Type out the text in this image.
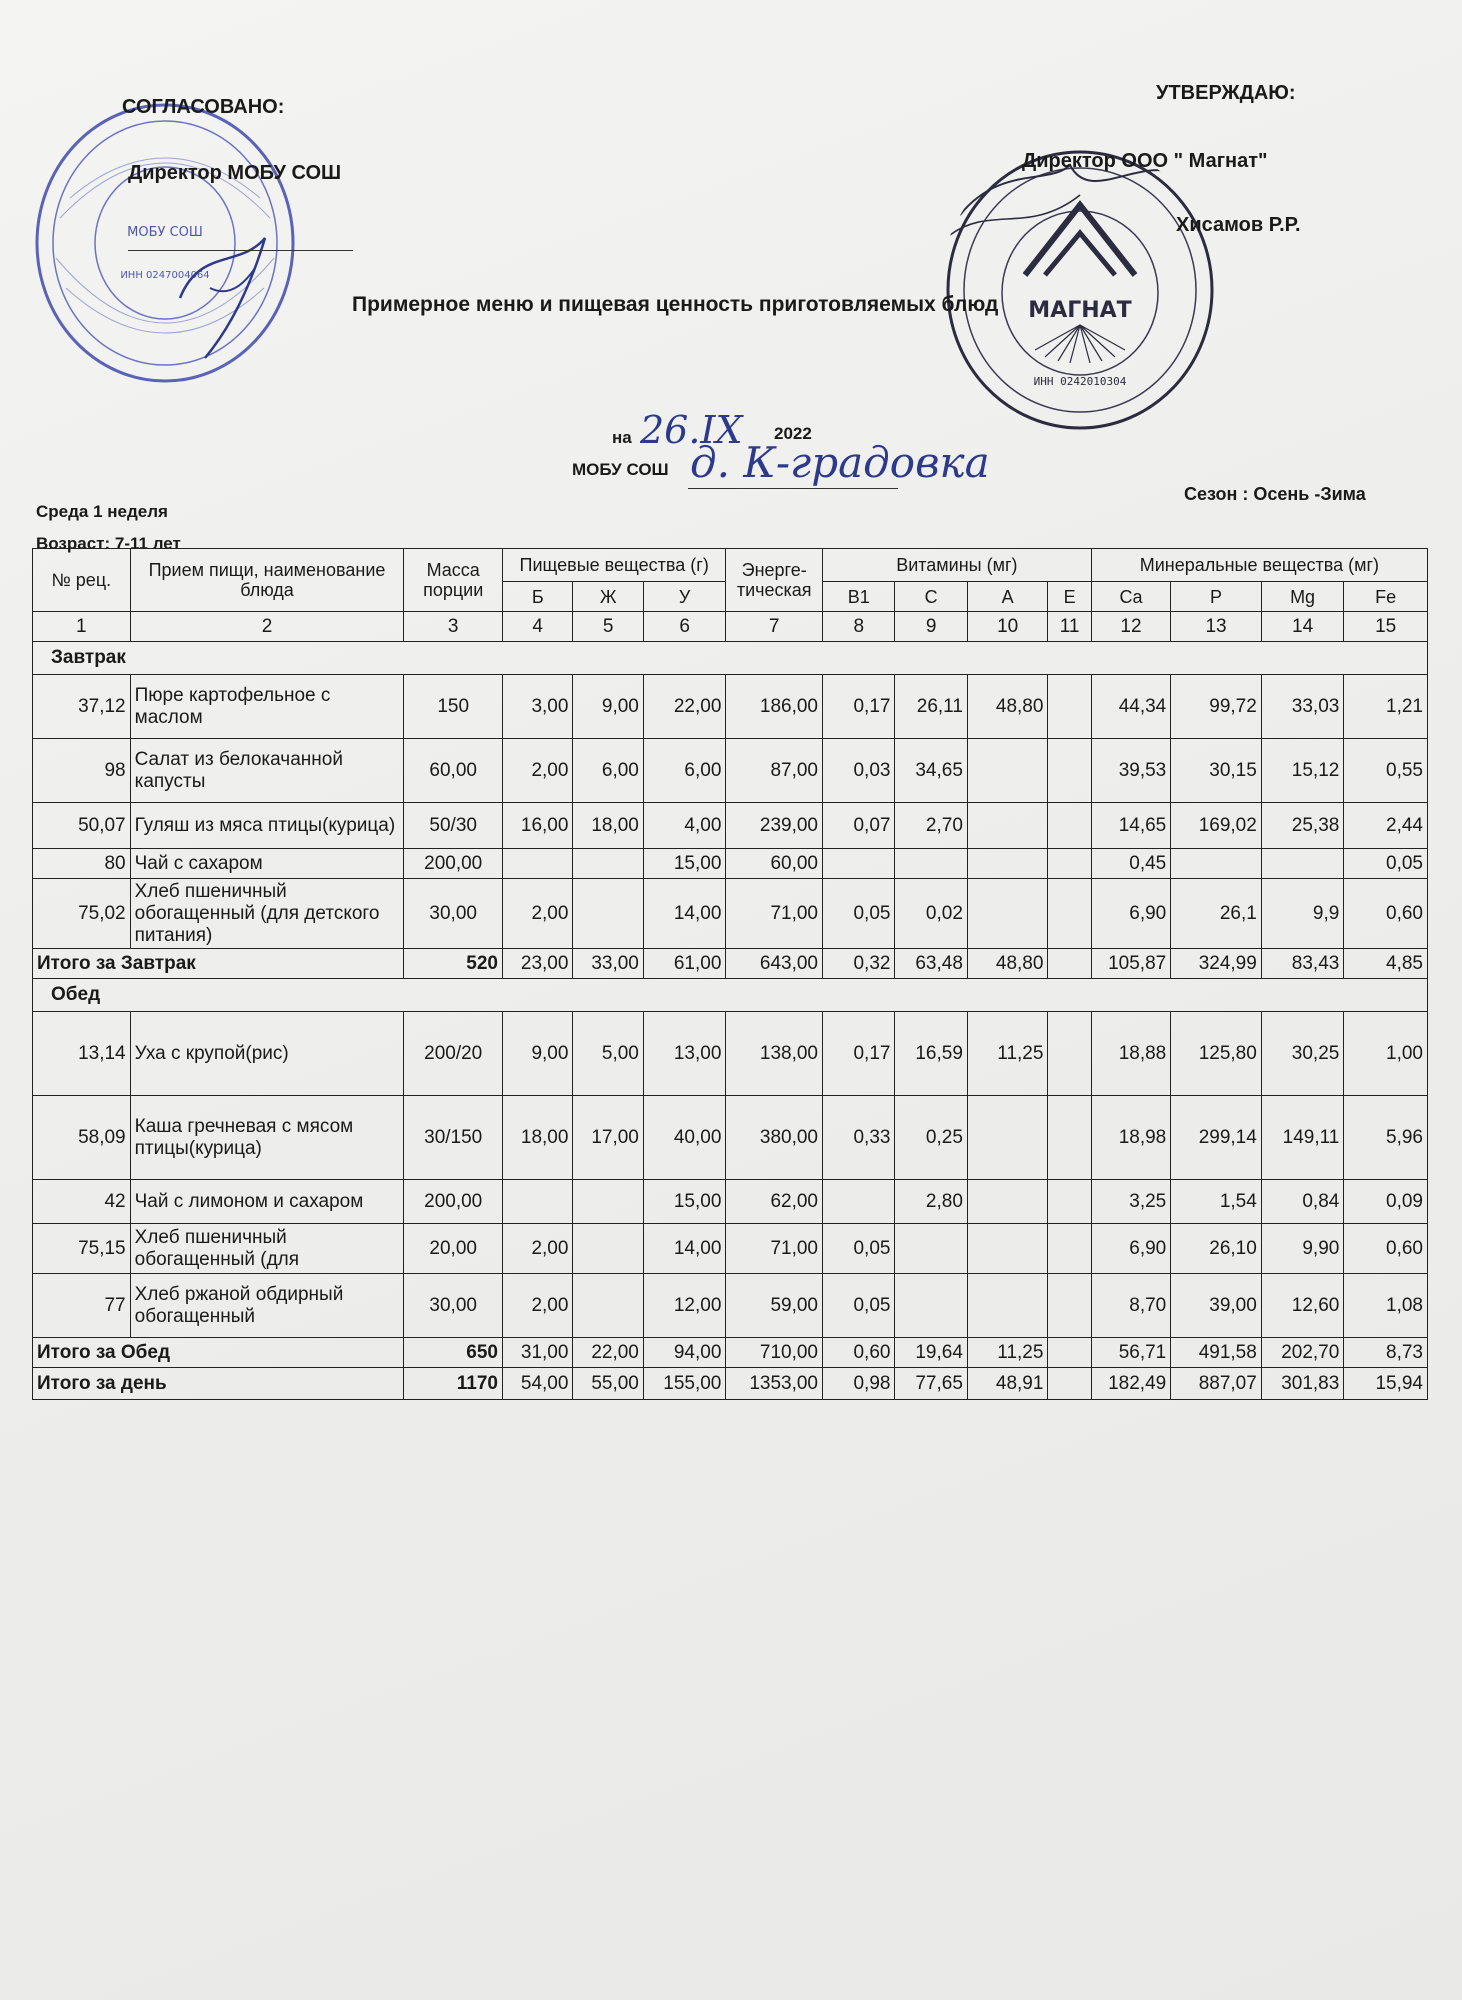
МОБУ СОШ
ИНН 0247004064
МАГНАТ
ИНН 0242010304
СОГЛАСОВАНО:
Директор МОБУ СОШ
УТВЕРЖДАЮ:
Директор ООО " Магнат"
Хисамов Р.Р.
Примерное меню и пищевая ценность приготовляемых блюд
на 26.IX 2022
МОБУ СОШ д. К-градовка
Среда 1 неделя
Сезон : Осень -Зима
Возраст: 7-11 лет
№ рец.	Прием пищи, наименование блюда	Масса порции	Пищевые вещества (г)			Энерге-тическая	Витамины (мг)				Минеральные вещества (мг)			
			Б	Ж	У		В1	С	А	Е	Ca	P	Mg	Fe
1	2	3	4	5	6	7	8	9	10	11	12	13	14	15
Завтрак														
37,12	Пюре картофельное с маслом	150	3,00	9,00	22,00	186,00	0,17	26,11	48,80		44,34	99,72	33,03	1,21
98	Салат из белокачанной капусты	60,00	2,00	6,00	6,00	87,00	0,03	34,65			39,53	30,15	15,12	0,55
50,07	Гуляш из мяса птицы(курица)	50/30	16,00	18,00	4,00	239,00	0,07	2,70			14,65	169,02	25,38	2,44
80	Чай с сахаром	200,00			15,00	60,00					0,45			0,05
75,02	Хлеб пшеничный обогащенный (для детского питания)	30,00	2,00		14,00	71,00	0,05	0,02			6,90	26,1	9,9	0,60
Итого за Завтрак		520	23,00	33,00	61,00	643,00	0,32	63,48	48,80		105,87	324,99	83,43	4,85
Обед														
13,14	Уха с крупой(рис)	200/20	9,00	5,00	13,00	138,00	0,17	16,59	11,25		18,88	125,80	30,25	1,00
58,09	Каша гречневая с мясом птицы(курица)	30/150	18,00	17,00	40,00	380,00	0,33	0,25			18,98	299,14	149,11	5,96
42	Чай с лимоном и сахаром	200,00			15,00	62,00		2,80			3,25	1,54	0,84	0,09
75,15	Хлеб пшеничный обогащенный (для	20,00	2,00		14,00	71,00	0,05				6,90	26,10	9,90	0,60
77	Хлеб ржаной обдирный обогащенный	30,00	2,00		12,00	59,00	0,05				8,70	39,00	12,60	1,08
Итого за Обед		650	31,00	22,00	94,00	710,00	0,60	19,64	11,25		56,71	491,58	202,70	8,73
Итого за день		1170	54,00	55,00	155,00	1353,00	0,98	77,65	48,91		182,49	887,07	301,83	15,94
